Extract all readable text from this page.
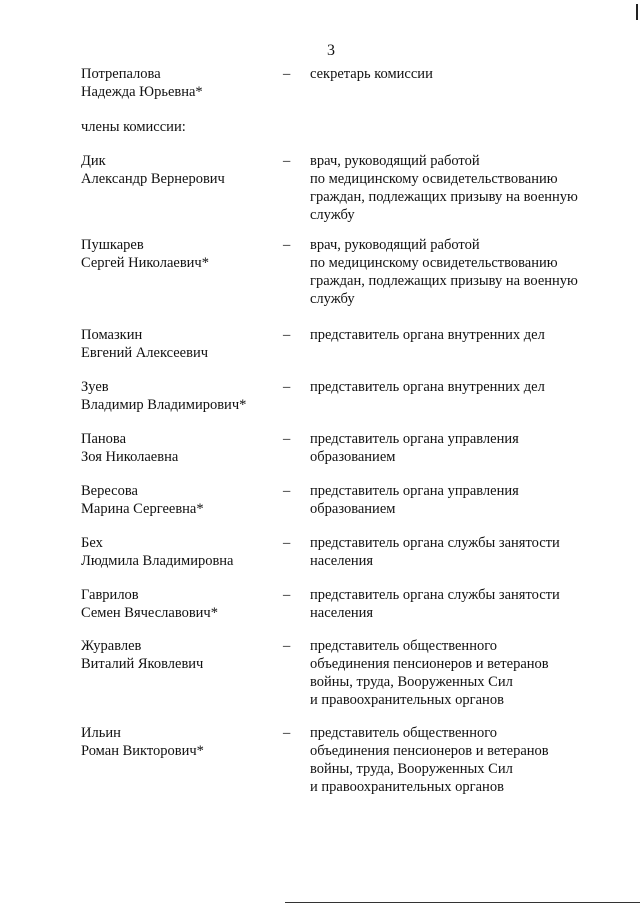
3
Потрепалова
Надежда Юрьевна*
– секретарь комиссии
члены комиссии:
Дик
Александр Вернерович
– врач, руководящий работой
по медицинскому освидетельствованию
граждан, подлежащих призыву на военную
службу
Пушкарев
Сергей Николаевич*
– врач, руководящий работой
по медицинскому освидетельствованию
граждан, подлежащих призыву на военную
службу
Помазкин
Евгений Алексеевич
– представитель органа внутренних дел
Зуев
Владимир Владимирович*
– представитель органа внутренних дел
Панова
Зоя Николаевна
– представитель органа управления
образованием
Вересова
Марина Сергеевна*
– представитель органа управления
образованием
Бех
Людмила Владимировна
– представитель органа службы занятости
населения
Гаврилов
Семен Вячеславович*
– представитель органа службы занятости
населения
Журавлев
Виталий Яковлевич
– представитель общественного
объединения пенсионеров и ветеранов
войны, труда, Вооруженных Сил
и правоохранительных органов
Ильин
Роман Викторович*
– представитель общественного
объединения пенсионеров и ветеранов
войны, труда, Вооруженных Сил
и правоохранительных органов
